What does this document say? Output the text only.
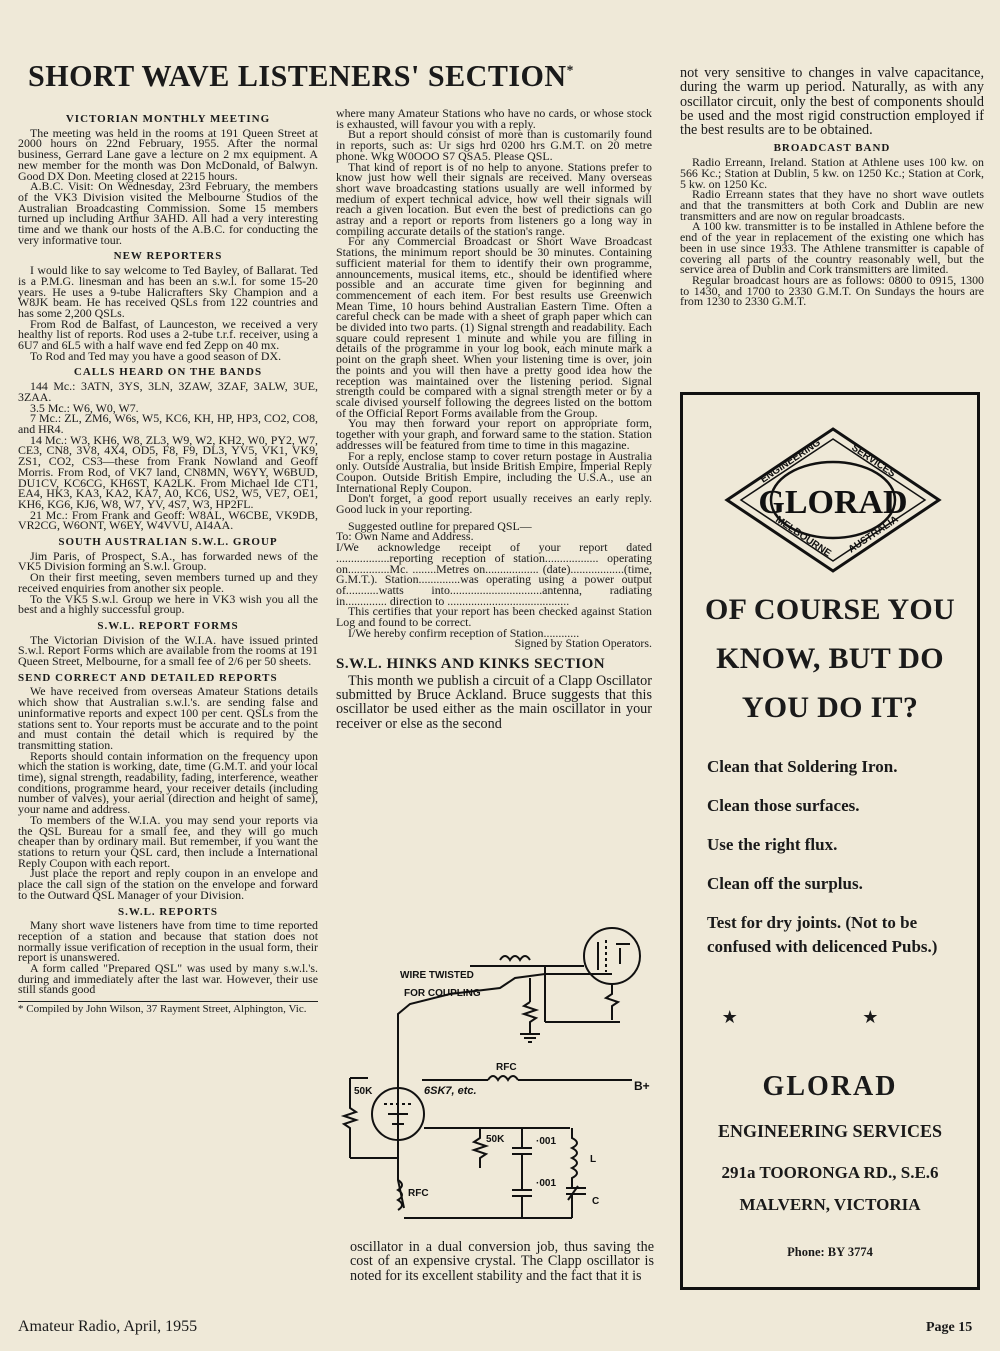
SHORT WAVE LISTENERS' SECTION*
VICTORIAN MONTHLY MEETING

The meeting was held in the rooms at 191 Queen Street at 2000 hours on 22nd February, 1955. After the normal business, Gerrard Lane gave a lecture on 2 mx equipment. A new member for the month was Don McDonald, of Balwyn. Good DX Don. Meeting closed at 2215 hours.

A.B.C. Visit: On Wednesday, 23rd February, the members of the VK3 Division visited the Melbourne Studios of the Australian Broadcasting Commission. Some 15 members turned up including Arthur 3AHD. All had a very interesting time and we thank our hosts of the A.B.C. for conducting the very informative tour.

NEW REPORTERS

I would like to say welcome to Ted Bayley, of Ballarat. Ted is a P.M.G. linesman and has been an s.w.l. for some 15-20 years. He uses a 9-tube Halicrafters Sky Champion and a W8JK beam. He has received QSLs from 122 countries and has some 2,200 QSLs.

From Rod de Balfast, of Launceston, we received a very healthy list of reports. Rod uses a 2-tube t.r.f. receiver, using a 6U7 and 6L5 with a half wave end fed Zepp on 40 mx.

To Rod and Ted may you have a good season of DX.

CALLS HEARD ON THE BANDS

144 Mc.: 3ATN, 3YS, 3LN, 3ZAW, 3ZAF, 3ALW, 3UE, 3ZAA.

3.5 Mc.: W6, W0, W7.

7 Mc.: ZL, ZM6, W6s, W5, KC6, KH, HP, HP3, CO2, CO8, and HR4.

14 Mc.: W3, KH6, W8, ZL3, W9, W2, KH2, W0, PY2, W7, CE3, CN8, 3V8, 4X4, OD5, F8, F9, DL3, YV5, VK1, VK9, ZS1, CO2, CS3—these from Frank Nowland and Geoff Morris. From Rod, of VK7 land, CN8MN, W6YY, W6BUD, DU1CV, KC6CG, KH6ST, KA2LK. From Michael Ide CT1, EA4, HK3, KA3, KA2, KA7, A0, KC6, US2, W5, VE7, OE1, KH6, KG6, KJ6, W8, W7, YV, 4S7, W3, HP2FL.

21 Mc.: From Frank and Geoff: W8AL, W6CBE, VK9DB, VR2CG, W6ONT, W6EY, W4VVU, AI4AA.

SOUTH AUSTRALIAN S.W.L. GROUP

Jim Paris, of Prospect, S.A., has forwarded news of the VK5 Division forming an S.w.l. Group.

On their first meeting, seven members turned up and they received enquiries from another six people.

To the VK5 S.w.l. Group we here in VK3 wish you all the best and a highly successful group.

S.W.L. REPORT FORMS

The Victorian Division of the W.I.A. have issued printed S.w.l. Report Forms which are available from the rooms at 191 Queen Street, Melbourne, for a small fee of 2/6 per 50 sheets.

SEND CORRECT AND DETAILED REPORTS

We have received from overseas Amateur Stations details which show that Australian s.w.l.'s. are sending false and uninformative reports and expect 100 per cent. QSLs from the stations sent to. Your reports must be accurate and to the point and must contain the detail which is required by the transmitting station.

Reports should contain information on the frequency upon which the station is working, date, time (G.M.T. and your local time), signal strength, readability, fading, interference, weather conditions, programme heard, your receiver details (including number of valves), your aerial (direction and height of same), your name and address.

To members of the W.I.A. you may send your reports via the QSL Bureau for a small fee, and they will go much cheaper than by ordinary mail. But remember, if you want the stations to return your QSL card, then include a International Reply Coupon with each report.

Just place the report and reply coupon in an envelope and place the call sign of the station on the envelope and forward to the Outward QSL Manager of your Division.

S.W.L. REPORTS

Many short wave listeners have from time to time reported reception of a station and because that station does not normally issue verification of reception in the usual form, their report is unanswered.

A form called "Prepared QSL" was used by many s.w.l.'s. during and immediately after the last war. However, their use still stands good

* Compiled by John Wilson, 37 Rayment Street, Alphington, Vic.

where many Amateur Stations who have no cards, or whose stock is exhausted, will favour you with a reply.

But a report should consist of more than is customarily found in reports, such as: Ur sigs hrd 0200 hrs G.M.T. on 20 metre phone. Wkg W0OOO S7 QSA5. Please QSL.

That kind of report is of no help to anyone. Stations prefer to know just how well their signals are received. Many overseas short wave broadcasting stations usually are well informed by medium of expert technical advice, how well their signals will reach a given location. But even the best of predictions can go astray and a report or reports from listeners go a long way in compiling accurate details of the station's range.

For any Commercial Broadcast or Short Wave Broadcast Stations, the minimum report should be 30 minutes. Containing sufficient material for them to identify their own programme, announcements, musical items, etc., should be identified where possible and an accurate time given for beginning and commencement of each item. For best results use Greenwich Mean Time, 10 hours behind Australian Eastern Time. Often a careful check can be made with a sheet of graph paper which can be divided into two parts. (1) Signal strength and readability. Each square could represent 1 minute and while you are filling in details of the programme in your log book, each minute mark a point on the graph sheet. When your listening time is over, join the points and you will then have a pretty good idea how the reception was maintained over the listening period. Signal strength could be compared with a signal strength meter or by a scale divised yourself following the degrees listed on the bottom of the Official Report Forms available from the Group.

You may then forward your report on appropriate form, together with your graph, and forward same to the station. Station addresses will be featured from time to time in this magazine.

For a reply, enclose stamp to cover return postage in Australia only. Outside Australia, but inside British Empire, Imperial Reply Coupon. Outside British Empire, including the U.S.A., use an International Reply Coupon.

Don't forget, a good report usually receives an early reply. Good luck in your reporting.

Suggested outline for prepared QSL—

To: Own Name and Address.

I/We acknowledge receipt of your report dated ..................reporting reception of station.................. operating on..............Mc. ........Metres on.................. (date)..................(time, G.M.T.). Station..............was operating using a power output of...........watts into...............................antenna, radiating in.............. direction to .........................................

This certifies that your report has been checked against Station Log and found to be correct.

I/We hereby confirm reception of Station............

Signed by Station Operators.

S.W.L. HINKS AND KINKS SECTION

This month we publish a circuit of a Clapp Oscillator submitted by Bruce Ackland. Bruce suggests that this oscillator be used either as the main oscillator in your receiver or else as the second

WIRE TWISTED
FOR COUPLING
50K	6SK7, etc.
RFC
B+
50K	·001
·001
L
C
RFC
oscillator in a dual conversion job, thus saving the cost of an expensive crystal. The Clapp oscillator is noted for its excellent stability and the fact that it is

not very sensitive to changes in valve capacitance, during the warm up period. Naturally, as with any oscillator circuit, only the best of components should be used and the most rigid construction employed if the best results are to be obtained.

BROADCAST BAND

Radio Erreann, Ireland. Station at Athlene uses 100 kw. on 566 Kc.; Station at Dublin, 5 kw. on 1250 Kc.; Station at Cork, 5 kw. on 1250 Kc.

Radio Erreann states that they have no short wave outlets and that the transmitters at both Cork and Dublin are new transmitters and are now on regular broadcasts.

A 100 kw. transmitter is to be installed in Athlene before the end of the year in replacement of the existing one which has been in use since 1933. The Athlene transmitter is capable of covering all parts of the country reasonably well, but the service area of Dublin and Cork transmitters are limited.

Regular broadcast hours are as follows: 0800 to 0915, 1300 to 1430, and 1700 to 2330 G.M.T. On Sundays the hours are from 1230 to 2330 G.M.T.

ENGINEERING	SERVICES
GLORAD
MELBOURNE AUSTRALIA
OF COURSE YOU
KNOW, BUT DO
YOU DO IT?
Clean that Soldering Iron.
Clean those surfaces.
Use the right flux.
Clean off the surplus.
Test for dry joints. (Not to be confused with delicenced Pubs.)
★ ★
GLORAD
ENGINEERING SERVICES
291a TOORONGA RD., S.E.6
MALVERN, VICTORIA
Phone: BY 3774
Amateur Radio, April, 1955	Page 15
